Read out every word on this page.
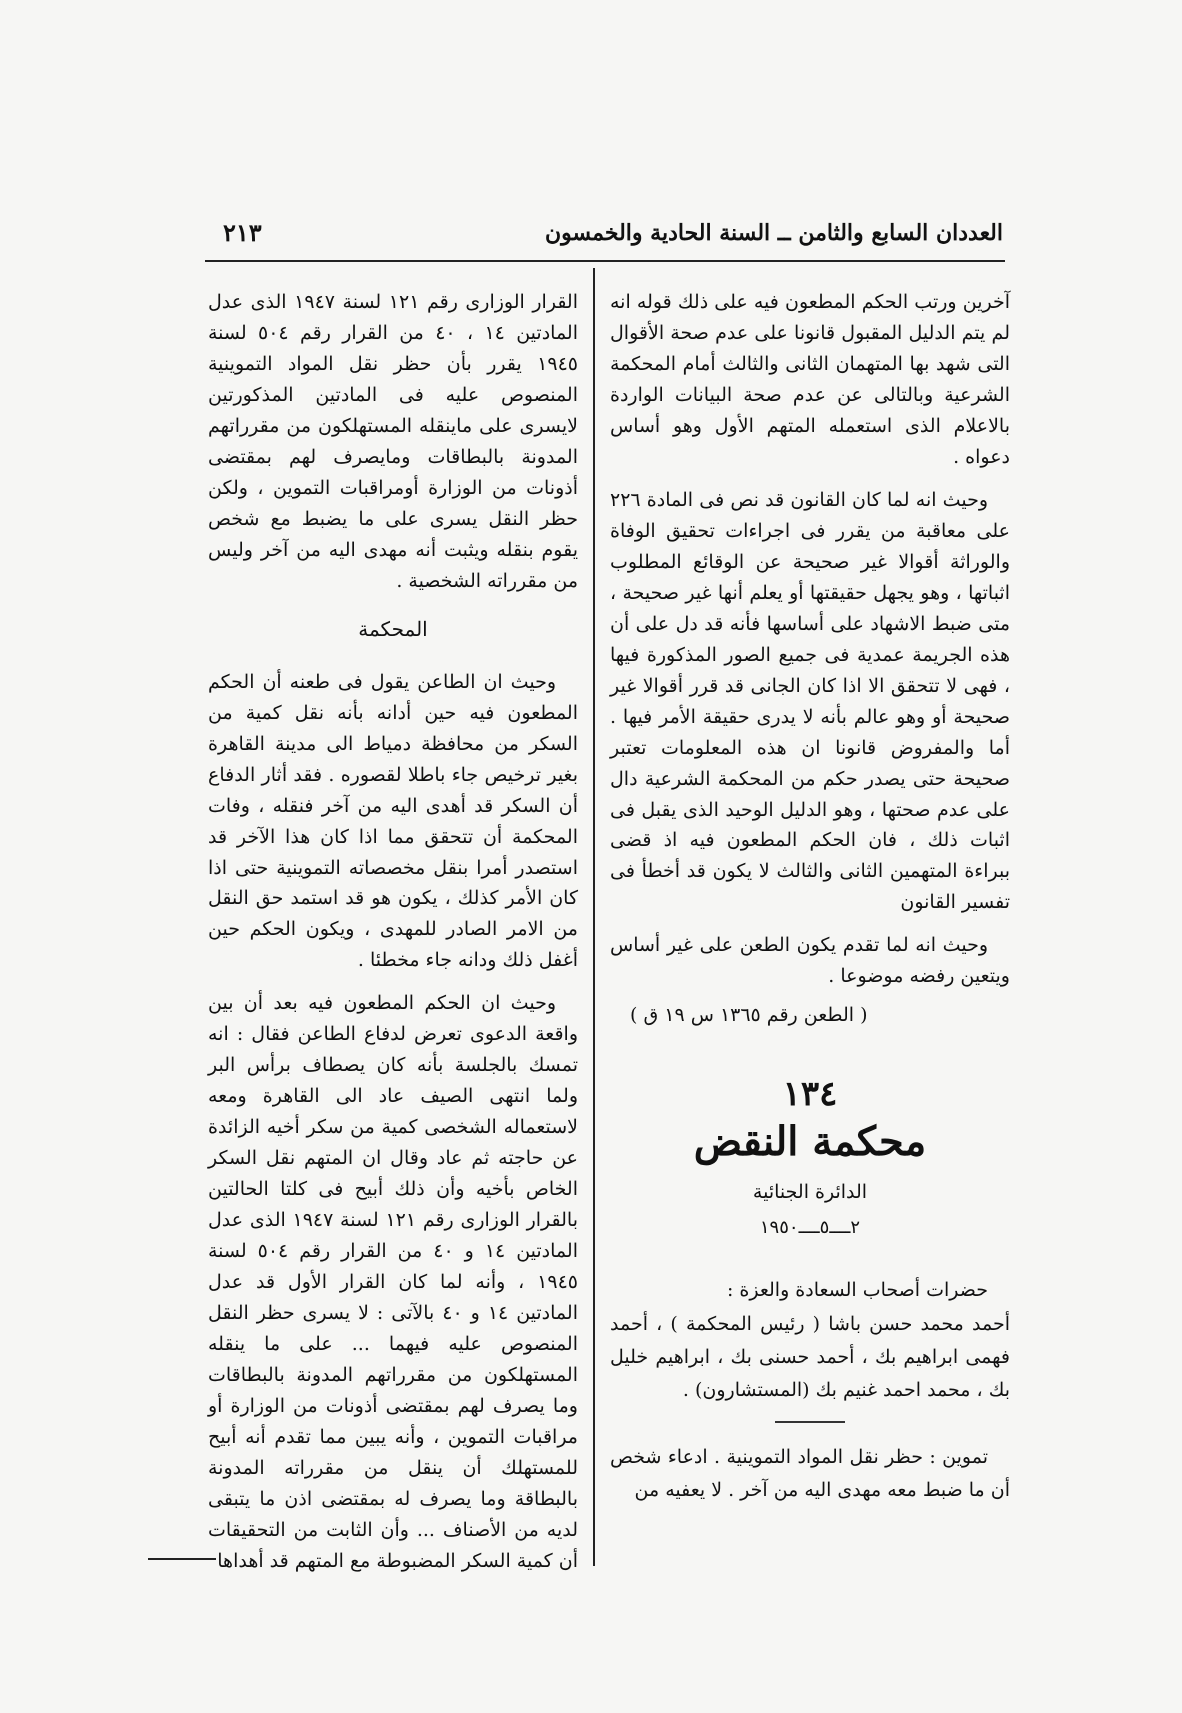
العددان السابع والثامن ــ السنة الحادية والخمسون
٢١٣

آخرين ورتب الحكم المطعون فيه على ذلك قوله انه لم يتم الدليل المقبول قانونا على عدم صحة الأقوال التى شهد بها المتهمان الثانى والثالث أمام المحكمة الشرعية وبالتالى عن عدم صحة البيانات الواردة بالاعلام الذى استعمله المتهم الأول وهو أساس دعواه .

وحيث انه لما كان القانون قد نص فى المادة ٢٢٦ على معاقبة من يقرر فى اجراءات تحقيق الوفاة والوراثة أقوالا غير صحيحة عن الوقائع المطلوب اثباتها ، وهو يجهل حقيقتها أو يعلم أنها غير صحيحة ، متى ضبط الاشهاد على أساسها فأنه قد دل على أن هذه الجريمة عمدية فى جميع الصور المذكورة فيها ، فهى لا تتحقق الا اذا كان الجانى قد قرر أقوالا غير صحيحة أو وهو عالم بأنه لا يدرى حقيقة الأمر فيها . أما والمفروض قانونا ان هذه المعلومات تعتبر صحيحة حتى يصدر حكم من المحكمة الشرعية دال على عدم صحتها ، وهو الدليل الوحيد الذى يقبل فى اثبات ذلك ، فان الحكم المطعون فيه اذ قضى ببراءة المتهمين الثانى والثالث لا يكون قد أخطأ فى تفسير القانون

وحيث انه لما تقدم يكون الطعن على غير أساس ويتعين رفضه موضوعا .

( الطعن رقم ١٣٦٥ س ١٩ ق )
١٣٤
محكمة النقض
الدائرة الجنائية
٢ــــ٥ــــ١٩٥٠
حضرات أصحاب السعادة والعزة :
أحمد محمد حسن باشا ( رئيس المحكمة ) ، أحمد فهمى ابراهيم بك ، أحمد حسنى بك ، ابراهيم خليل بك ، محمد احمد غنيم بك (المستشارون) .
تموين : حظر نقل المواد التموينية . ادعاء شخص أن ما ضبط معه مهدى اليه من آخر . لا يعفيه من

القرار الوزارى رقم ١٢١ لسنة ١٩٤٧ الذى عدل المادتين ١٤ ، ٤٠ من القرار رقم ٥٠٤ لسنة ١٩٤٥ يقرر بأن حظر نقل المواد التموينية المنصوص عليه فى المادتين المذكورتين لايسرى على ماينقله المستهلكون من مقرراتهم المدونة بالبطاقات ومايصرف لهم بمقتضى أذونات من الوزارة أومراقبات التموين ، ولكن حظر النقل يسرى على ما يضبط مع شخص يقوم بنقله ويثبت أنه مهدى اليه من آخر وليس من مقرراته الشخصية .

المحكمة

وحيث ان الطاعن يقول فى طعنه أن الحكم المطعون فيه حين أدانه بأنه نقل كمية من السكر من محافظة دمياط الى مدينة القاهرة بغير ترخيص جاء باطلا لقصوره . فقد أثار الدفاع أن السكر قد أهدى اليه من آخر فنقله ، وفات المحكمة أن تتحقق مما اذا كان هذا الآخر قد استصدر أمرا بنقل مخصصاته التموينية حتى اذا كان الأمر كذلك ، يكون هو قد استمد حق النقل من الامر الصادر للمهدى ، ويكون الحكم حين أغفل ذلك ودانه جاء مخطئا .

وحيث ان الحكم المطعون فيه بعد أن بين واقعة الدعوى تعرض لدفاع الطاعن فقال : انه تمسك بالجلسة بأنه كان يصطاف برأس البر ولما انتهى الصيف عاد الى القاهرة ومعه لاستعماله الشخصى كمية من سكر أخيه الزائدة عن حاجته ثم عاد وقال ان المتهم نقل السكر الخاص بأخيه وأن ذلك أبيح فى كلتا الحالتين بالقرار الوزارى رقم ١٢١ لسنة ١٩٤٧ الذى عدل المادتين ١٤ و ٤٠ من القرار رقم ٥٠٤ لسنة ١٩٤٥ ، وأنه لما كان القرار الأول قد عدل المادتين ١٤ و ٤٠ بالآتى : لا يسرى حظر النقل المنصوص عليه فيهما ... على ما ينقله المستهلكون من مقرراتهم المدونة بالبطاقات وما يصرف لهم بمقتضى أذونات من الوزارة أو مراقبات التموين ، وأنه يبين مما تقدم أنه أبيح للمستهلك أن ينقل من مقرراته المدونة بالبطاقة وما يصرف له بمقتضى اذن ما يتبقى لديه من الأصناف ... وأن الثابت من التحقيقات أن كمية السكر المضبوطة مع المتهم قد أهداها
